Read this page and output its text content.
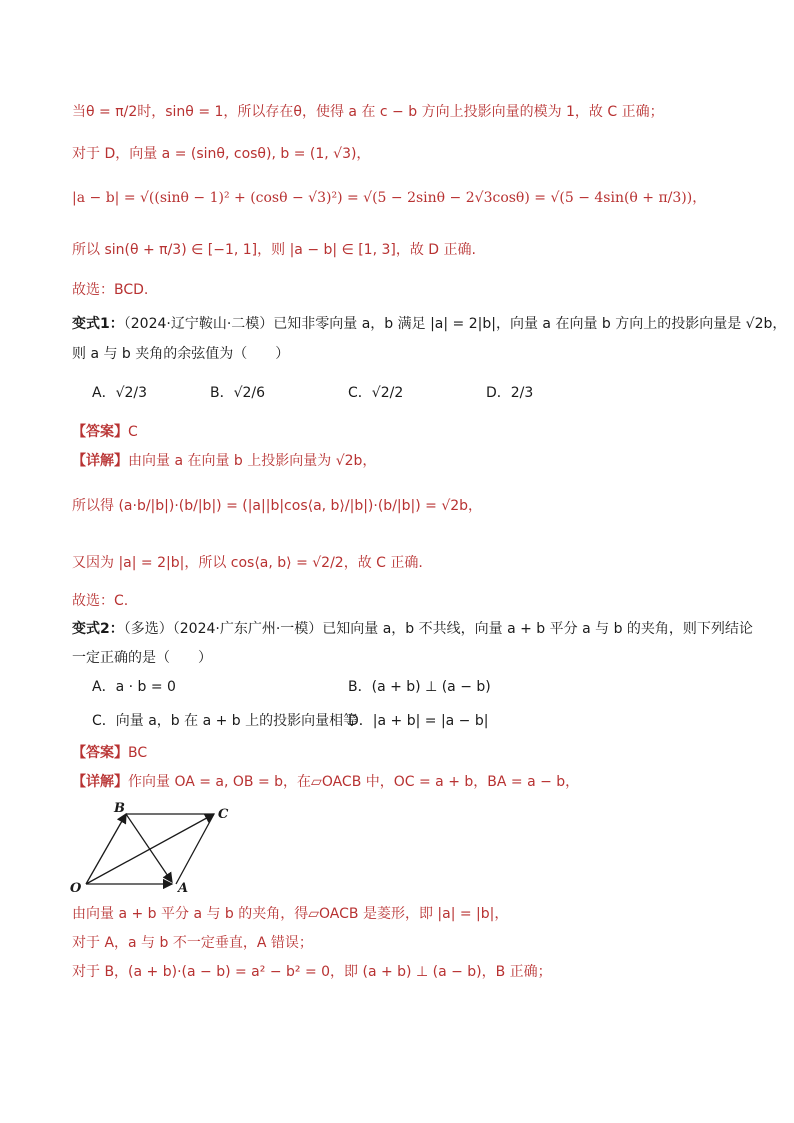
当θ = π/2时，sinθ = 1，所以存在θ，使得 a 在 c − b 方向上投影向量的模为 1，故 C 正确；
对于 D，向量 a = (sinθ, cosθ), b = (1, √3)，
|a − b| = √((sinθ − 1)² + (cosθ − √3)²) = √(5 − 2sinθ − 2√3cosθ) = √(5 − 4sin(θ + π/3))，
所以 sin(θ + π/3) ∈ [−1, 1]，则 |a − b| ∈ [1, 3]，故 D 正确.
故选：BCD.
变式1：（2024·辽宁鞍山·二模）已知非零向量 a，b 满足 |a| = 2|b|，向量 a 在向量 b 方向上的投影向量是 √2b，
则 a 与 b 夹角的余弦值为（　　）
A．√2/3	B．√2/6	C．√2/2	D．2/3
【答案】C
【详解】由向量 a 在向量 b 上投影向量为 √2b，
所以得 (a·b/|b|)·(b/|b|) = (|a||b|cos⟨a, b⟩/|b|)·(b/|b|) = √2b，
又因为 |a| = 2|b|，所以 cos⟨a, b⟩ = √2/2，故 C 正确.
故选：C.
变式2：（多选）（2024·广东广州·一模）已知向量 a，b 不共线，向量 a + b 平分 a 与 b 的夹角，则下列结论
一定正确的是（　　）
A．a · b = 0	B．(a + b) ⊥ (a − b)
C．向量 a，b 在 a + b 上的投影向量相等
D．|a + b| = |a − b|
【答案】BC
【详解】作向量 OA = a, OB = b，在▱OACB 中，OC = a + b，BA = a − b，
O	A
B	C
由向量 a + b 平分 a 与 b 的夹角，得▱OACB 是菱形，即 |a| = |b|，
对于 A，a 与 b 不一定垂直，A 错误；
对于 B，(a + b)·(a − b) = a² − b² = 0，即 (a + b) ⊥ (a − b)，B 正确；
